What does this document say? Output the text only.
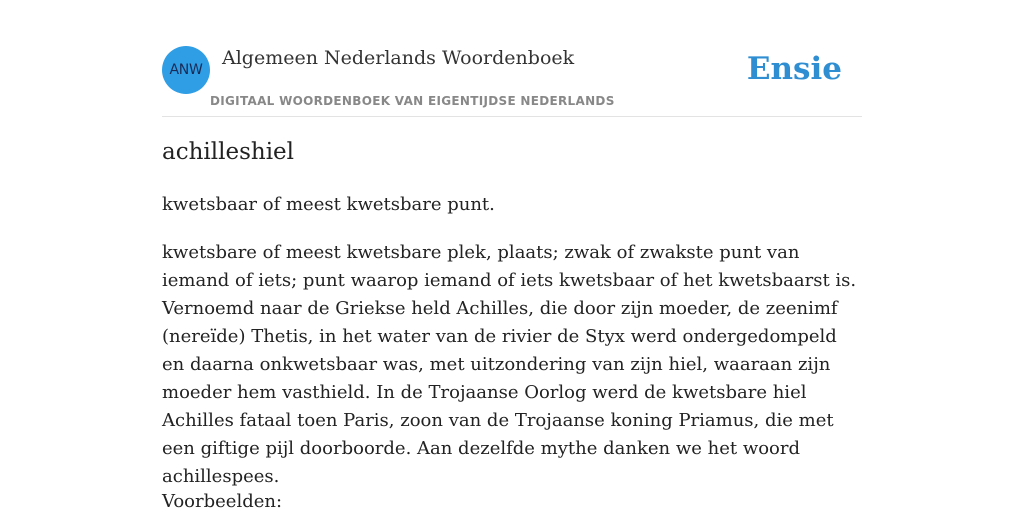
ANW
Algemeen Nederlands Woordenboek
DIGITAAL WOORDENBOEK VAN EIGENTIJDSE NEDERLANDS
Ensie
achilleshiel
kwetsbaar of meest kwetsbare punt.

kwetsbare of meest kwetsbare plek, plaats; zwak of zwakste punt van iemand of iets; punt waarop iemand of iets kwetsbaar of het kwetsbaarst is.

Vernoemd naar de Griekse held Achilles, die door zijn moeder, de zeenimf (nereïde) Thetis, in het water van de rivier de Styx werd ondergedompeld en daarna onkwetsbaar was, met uitzondering van zijn hiel, waaraan zijn moeder hem vasthield. In de Trojaanse Oorlog werd de kwetsbare hiel Achilles fataal toen Paris, zoon van de Trojaanse koning Priamus, die met een giftige pijl doorboorde. Aan dezelfde mythe danken we het woord achillespees.

Voorbeelden:
